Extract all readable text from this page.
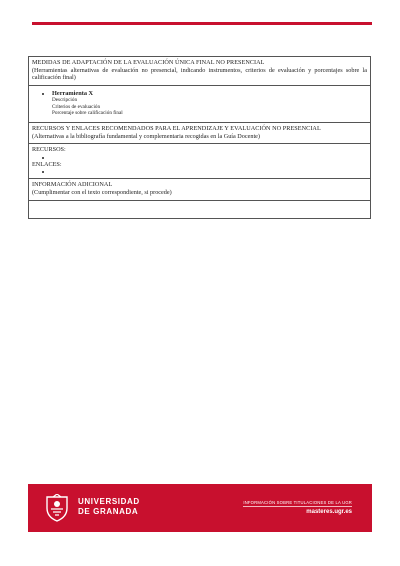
MEDIDAS DE ADAPTACIÓN DE LA EVALUACIÓN ÚNICA FINAL NO PRESENCIAL
(Herramientas alternativas de evaluación no presencial, indicando instrumentos, criterios de evaluación y porcentajes sobre la calificación final)

• Herramienta X
Descripción
Criterios de evaluación
Porcentaje sobre calificación final

RECURSOS Y ENLACES RECOMENDADOS PARA EL APRENDIZAJE Y EVALUACIÓN NO PRESENCIAL
(Alternativas a la bibliografía fundamental y complementaria recogidas en la Guía Docente)

RECURSOS:
•
ENLACES:
•

INFORMACIÓN ADICIONAL
(Cumplimentar con el texto correspondiente, si procede)

UNIVERSIDAD
DE GRANADA
INFORMACIÓN SOBRE TITULACIONES DE LA UGR
masteres.ugr.es
